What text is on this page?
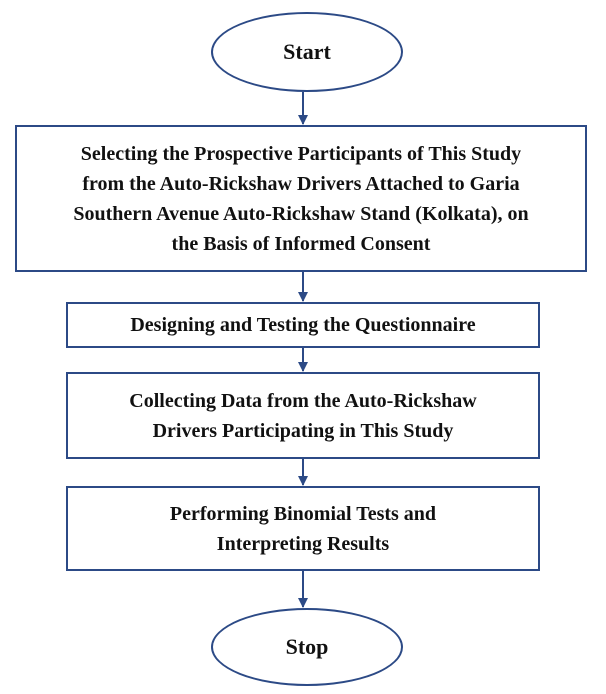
Start
Selecting the Prospective Participants of This Study
from the Auto-Rickshaw Drivers Attached to Garia
Southern Avenue Auto-Rickshaw Stand (Kolkata), on
the Basis of Informed Consent
Designing and Testing the Questionnaire
Collecting Data from the Auto-Rickshaw
Drivers Participating in This Study
Performing Binomial Tests and
Interpreting Results
Stop
